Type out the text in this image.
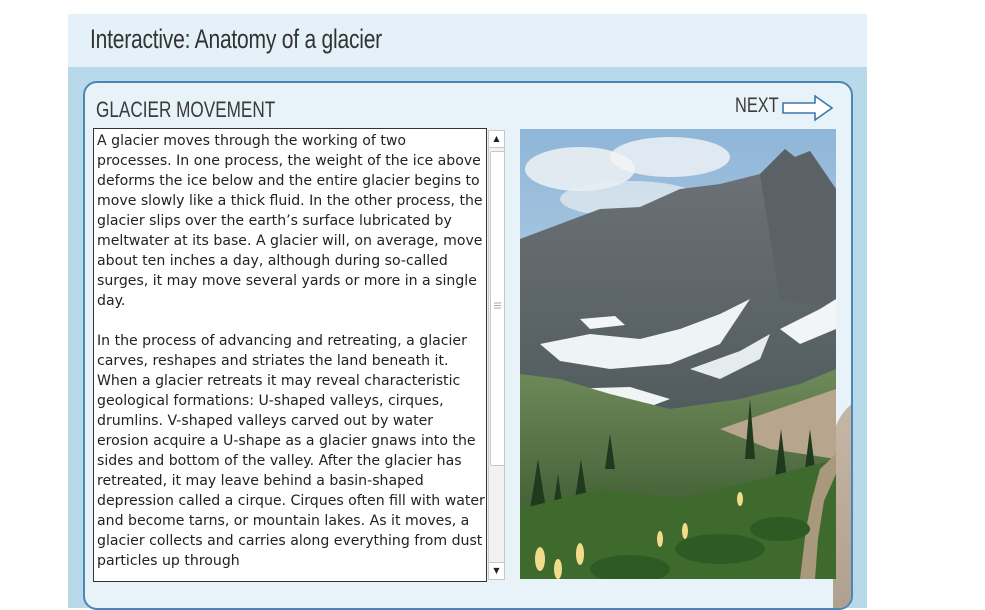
Interactive: Anatomy of a glacier
GLACIER MOVEMENT	NEXT

A glacier moves through the working of two processes. In one process, the weight of the ice above deforms the ice below and the entire glacier begins to move slowly like a thick fluid. In the other process, the glacier slips over the earth’s surface lubricated by meltwater at its base. A glacier will, on average, move about ten inches a day, although during so-called surges, it may move several yards or more in a single day.

In the process of advancing and retreating, a glacier carves, reshapes and striates the land beneath it. When a glacier retreats it may reveal characteristic geological formations: U-shaped valleys, cirques, drumlins. V-shaped valleys carved out by water erosion acquire a U-shape as a glacier gnaws into the sides and bottom of the valley. After the glacier has retreated, it may leave behind a basin-shaped depression called a cirque. Cirques often fill with water and become tarns, or mountain lakes. As it moves, a glacier collects and carries along everything from dust particles up through

▲
▼
